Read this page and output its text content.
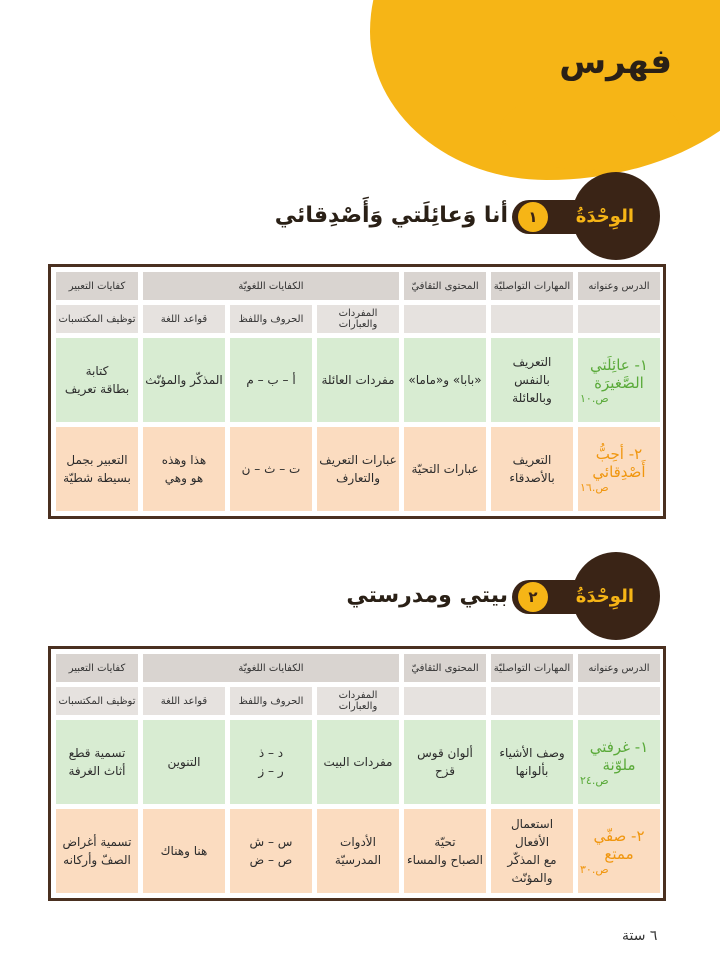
فهرس
الوِحْدَةُ
١
أنا وَعائِلَتي وَأَصْدِقائي
الدرس وعنوانه	المهارات التواصليّة	المحتوى الثقافيّ	الكفايات اللغويّة			كفايات التعبير
			المفردات والعبارات	الحروف واللفظ	قواعد اللغة	توظيف المكتسبات

١- عائِلَتي
الصَّغيرَة
ص.١٠	التعريف
بالنفس وبالعائلة	«بابا» و«ماما»	مفردات العائلة	أ – ب – م	المذكّر والمؤنّث	كتابة
بطاقة تعريف

٢- أحِبُّ
أَصْدِقائي
ص.١٦	التعريف
بالأصدقاء	عبارات التحيّة	عبارات التعريف
والتعارف	ت – ث – ن	هذا وهذه
هو وهي	التعبير بجمل
بسيطة شطيّة
الوِحْدَةُ
٢
بيتي ومدرستي
الدرس وعنوانه	المهارات التواصليّة	المحتوى الثقافيّ	الكفايات اللغويّة			كفايات التعبير
			المفردات والعبارات	الحروف واللفظ	قواعد اللغة	توظيف المكتسبات

١- غرفتي
ملوّنة
ص.٢٤	وصف الأشياء
بألوانها	ألوان قوس قزح	مفردات البيت	د – ذ
ر – ز	التنوين	تسمية قطع
أثاث الغرفة

٢- صفّي
ممتع
ص.٣٠	استعمال الأفعال
مع المذكّر
والمؤنّث	تحيّة
الصباح والمساء	الأدوات
المدرسيّة	س – ش
ص – ض	هنا وهناك	تسمية أغراض
الصفّ وأركانه
٦ ستة
